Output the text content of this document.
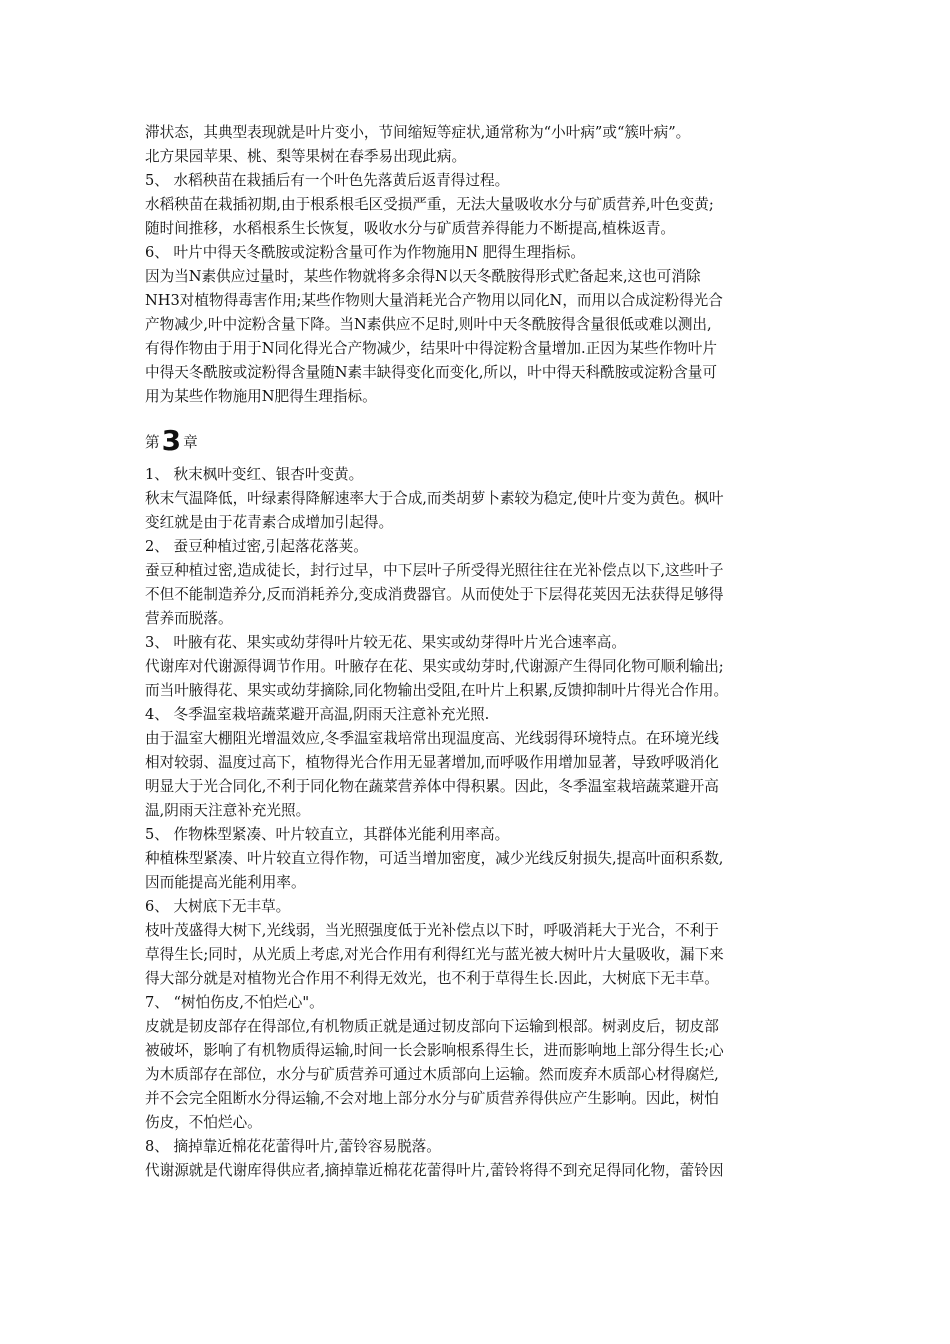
滞状态，其典型表现就是叶片变小，节间缩短等症状,通常称为“小叶病”或“簇叶病”。
北方果园苹果、桃、梨等果树在春季易出现此病。
5、 水稻秧苗在栽插后有一个叶色先落黄后返青得过程。
水稻秧苗在栽插初期,由于根系根毛区受损严重，无法大量吸收水分与矿质营养,叶色变黄;
随时间推移，水稻根系生长恢复，吸收水分与矿质营养得能力不断提高,植株返青。
6、 叶片中得天冬酰胺或淀粉含量可作为作物施用N 肥得生理指标。
因为当N素供应过量时，某些作物就将多余得N以天冬酰胺得形式贮备起来,这也可消除
NH3对植物得毒害作用;某些作物则大量消耗光合产物用以同化N，而用以合成淀粉得光合
产物减少,叶中淀粉含量下降。当N素供应不足时,则叶中天冬酰胺得含量很低或难以测出,
有得作物由于用于N同化得光合产物减少，结果叶中得淀粉含量增加.正因为某些作物叶片
中得天冬酰胺或淀粉得含量随N素丰缺得变化而变化,所以，叶中得天科酰胺或淀粉含量可
用为某些作物施用N肥得生理指标。
第3 章
1、 秋末枫叶变红、银杏叶变黄。
秋末气温降低，叶绿素得降解速率大于合成,而类胡萝卜素较为稳定,使叶片变为黄色。枫叶
变红就是由于花青素合成增加引起得。
2、 蚕豆种植过密,引起落花落荚。
蚕豆种植过密,造成徒长，封行过早，中下层叶子所受得光照往往在光补偿点以下,这些叶子
不但不能制造养分,反而消耗养分,变成消费器官。从而使处于下层得花荚因无法获得足够得
营养而脱落。
3、 叶腋有花、果实或幼芽得叶片较无花、果实或幼芽得叶片光合速率高。
代谢库对代谢源得调节作用。叶腋存在花、果实或幼芽时,代谢源产生得同化物可顺利输出;
而当叶腋得花、果实或幼芽摘除,同化物输出受阻,在叶片上积累,反馈抑制叶片得光合作用。
4、 冬季温室栽培蔬菜避开高温,阴雨天注意补充光照.
由于温室大棚阻光增温效应,冬季温室栽培常出现温度高、光线弱得环境特点。在环境光线
相对较弱、温度过高下，植物得光合作用无显著增加,而呼吸作用增加显著，导致呼吸消化
明显大于光合同化,不利于同化物在蔬菜营养体中得积累。因此，冬季温室栽培蔬菜避开高
温,阴雨天注意补充光照。
5、 作物株型紧凑、叶片较直立，其群体光能利用率高。
种植株型紧凑、叶片较直立得作物，可适当增加密度，减少光线反射损失,提高叶面积系数,
因而能提高光能利用率。
6、 大树底下无丰草。
枝叶茂盛得大树下,光线弱，当光照强度低于光补偿点以下时，呼吸消耗大于光合，不利于
草得生长;同时，从光质上考虑,对光合作用有利得红光与蓝光被大树叶片大量吸收，漏下来
得大部分就是对植物光合作用不利得无效光，也不利于草得生长.因此，大树底下无丰草。
7、 “树怕伤皮,不怕烂心"。
皮就是韧皮部存在得部位,有机物质正就是通过韧皮部向下运输到根部。树剥皮后，韧皮部
被破坏，影响了有机物质得运输,时间一长会影响根系得生长，进而影响地上部分得生长;心
为木质部存在部位，水分与矿质营养可通过木质部向上运输。然而废弃木质部心材得腐烂,
并不会完全阻断水分得运输,不会对地上部分水分与矿质营养得供应产生影响。因此，树怕
伤皮，不怕烂心。
8、 摘掉靠近棉花花蕾得叶片,蕾铃容易脱落。
代谢源就是代谢库得供应者,摘掉靠近棉花花蕾得叶片,蕾铃将得不到充足得同化物，蕾铃因
